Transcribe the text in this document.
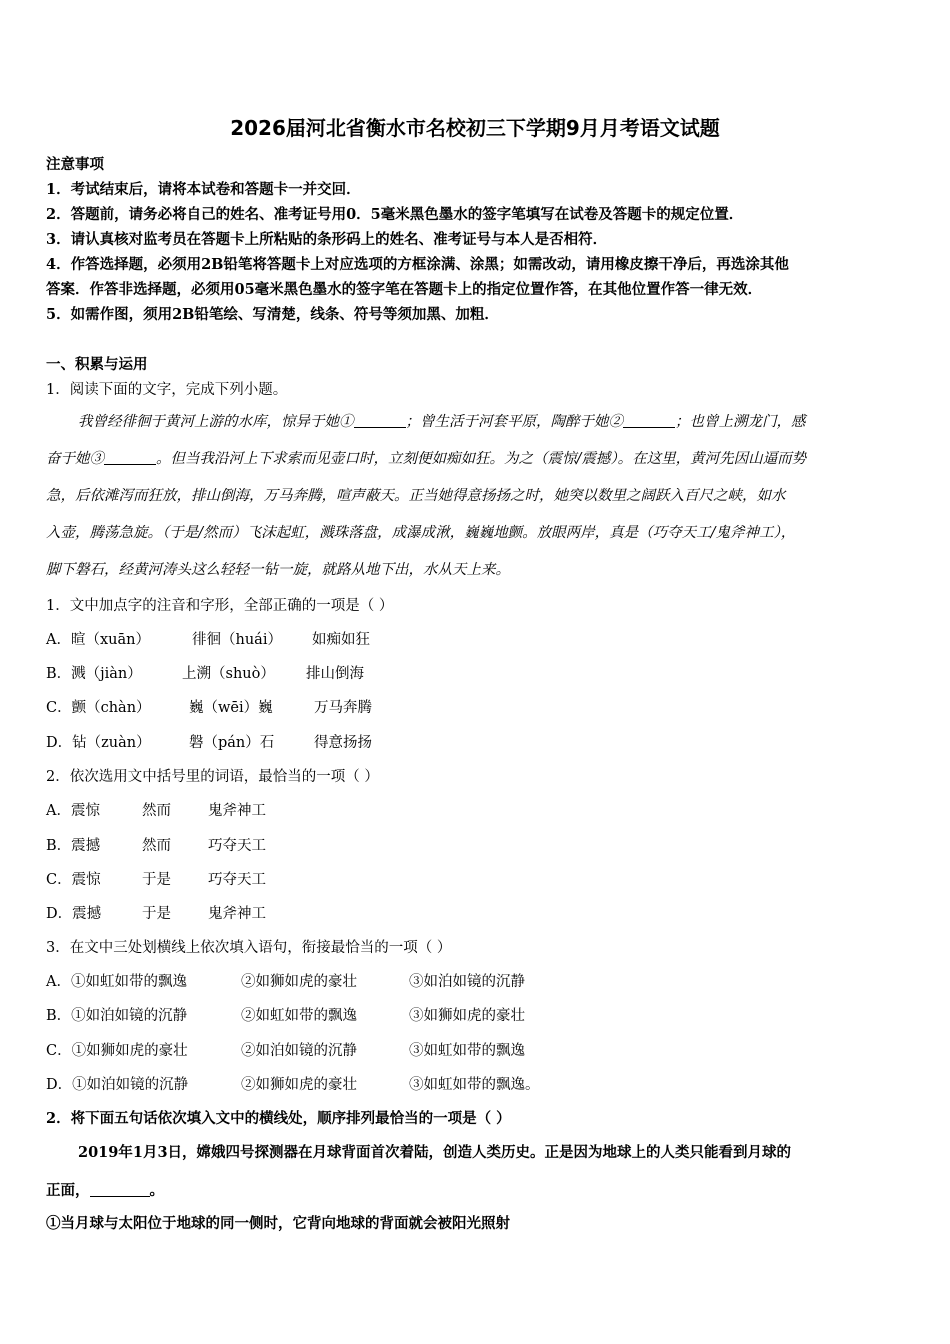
2026届河北省衡水市名校初三下学期9月月考语文试题
注意事项
1．考试结束后，请将本试卷和答题卡一并交回．
2．答题前，请务必将自己的姓名、准考证号用0．5毫米黑色墨水的签字笔填写在试卷及答题卡的规定位置．
3．请认真核对监考员在答题卡上所粘贴的条形码上的姓名、准考证号与本人是否相符．
4．作答选择题，必须用2B铅笔将答题卡上对应选项的方框涂满、涂黑；如需改动，请用橡皮擦干净后，再选涂其他
答案．作答非选择题，必须用05毫米黑色墨水的签字笔在答题卡上的指定位置作答，在其他位置作答一律无效．
5．如需作图，须用2B铅笔绘、写清楚，线条、符号等须加黑、加粗．
一、积累与运用
1．阅读下面的文字，完成下列小题。
我曾经徘徊于黄河上游的水库，惊异于她①	；曾生活于河套平原，陶醉于她②	；也曾上溯龙门，感
奋于她③	。但当我沿河上下求索而见壶口时，立刻便如痴如狂。为之（震惊/震撼）。在这里，黄河先因山逼而势
急，后依滩泻而狂放，排山倒海，万马奔腾，喧声蔽天。正当她得意扬扬之时，她突以数里之阔跃入百尺之峡，如水
入壶，腾荡急旋。（于是/然而）飞沫起虹，溅珠落盘，成瀑成湫，巍巍地颤。放眼两岸，真是（巧夺天工/鬼斧神工），
脚下磐石，经黄河涛头这么轻轻一钻一旋，就路从地下出，水从天上来。
1．文中加点字的注音和字形，全部正确的一项是（ ）
A．暄（xuān）	徘徊（huái） 如痴如狂
B．溅（jiàn）	上溯（shuò） 排山倒海
C．颤（chàn）	巍（wēi）巍	万马奔腾
D．钻（zuàn）	磐（pán）石	得意扬扬
2．依次选用文中括号里的词语，最恰当的一项（ ）
A．震惊	然而	鬼斧神工
B．震撼	然而	巧夺天工
C．震惊	于是	巧夺天工
D．震撼	于是	鬼斧神工
3．在文中三处划横线上依次填入语句，衔接最恰当的一项（ ）
A．①如虹如带的飘逸	②如狮如虎的豪壮	③如泊如镜的沉静
B．①如泊如镜的沉静	②如虹如带的飘逸	③如狮如虎的豪壮
C．①如狮如虎的豪壮	②如泊如镜的沉静	③如虹如带的飘逸
D．①如泊如镜的沉静	②如狮如虎的豪壮	③如虹如带的飘逸。
2．将下面五句话依次填入文中的横线处，顺序排列最恰当的一项是（ ）
2019年1月3日，嫦娥四号探测器在月球背面首次着陆，创造人类历史。正是因为地球上的人类只能看到月球的
正面，	。
①当月球与太阳位于地球的同一侧时，它背向地球的背面就会被阳光照射
